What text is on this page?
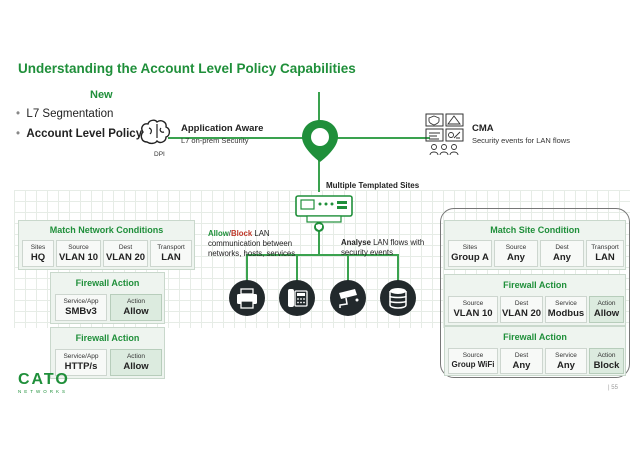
Understanding the Account Level Policy Capabilities
New
• L7 Segmentation
• Account Level Policy
DPI
Application Aware
L7 on-prem Security
CMA
Security events for LAN flows
Multiple Templated Sites
Allow/Block LAN communication between networks, hosts, services
Analyse LAN flows with security events
Match Network Conditions
Sites
HQ
Source
VLAN 10
Dest
VLAN 20
Transport
LAN
Firewall Action
Service/App
SMBv3
Action
Allow
Firewall Action
Service/App
HTTP/s
Action
Allow
Match Site Condition
Sites
Group A
Source
Any
Dest
Any
Transport
LAN
Firewall Action
Source
VLAN 10
Dest
VLAN 20
Service
Modbus
Action
Allow
Firewall Action
Source
Group WiFi
Dest
Any
Service
Any
Action
Block
CATO
NETWORKS
| 55
